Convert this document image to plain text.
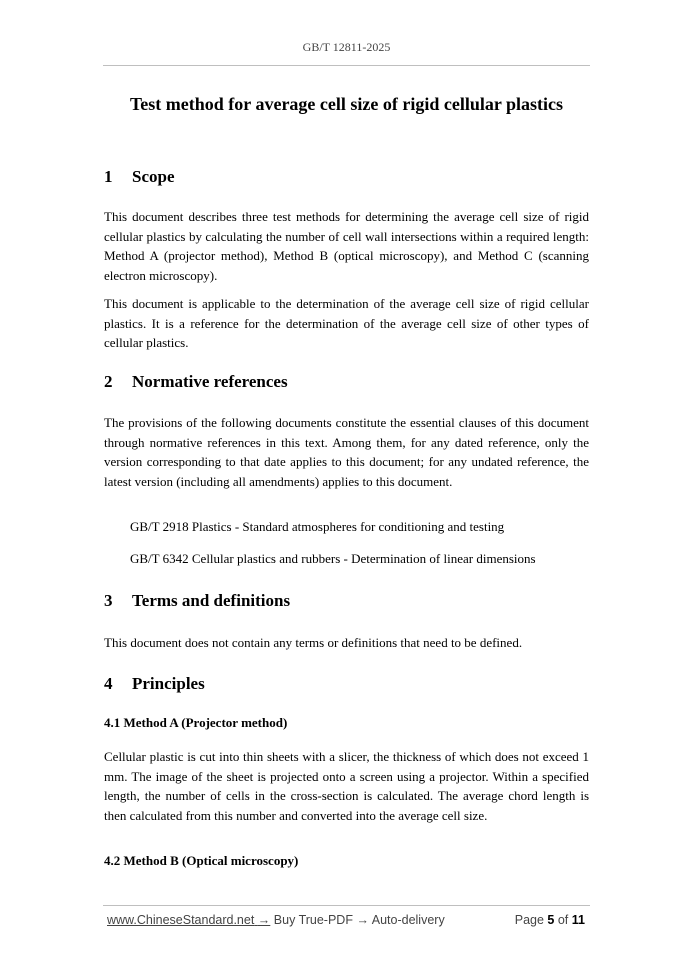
GB/T 12811-2025
Test method for average cell size of rigid cellular plastics
1 Scope

This document describes three test methods for determining the average cell size of rigid cellular plastics by calculating the number of cell wall intersections within a required length: Method A (projector method), Method B (optical microscopy), and Method C (scanning electron microscopy).

This document is applicable to the determination of the average cell size of rigid cellular plastics. It is a reference for the determination of the average cell size of other types of cellular plastics.

2 Normative references

The provisions of the following documents constitute the essential clauses of this document through normative references in this text. Among them, for any dated reference, only the version corresponding to that date applies to this document; for any undated reference, the latest version (including all amendments) applies to this document.

GB/T 2918 Plastics - Standard atmospheres for conditioning and testing

GB/T 6342 Cellular plastics and rubbers - Determination of linear dimensions

3 Terms and definitions

This document does not contain any terms or definitions that need to be defined.

4 Principles
4.1 Method A (Projector method)

Cellular plastic is cut into thin sheets with a slicer, the thickness of which does not exceed 1 mm. The image of the sheet is projected onto a screen using a projector. Within a specified length, the number of cells in the cross-section is calculated. The average chord length is then calculated from this number and converted into the average cell size.

4.2 Method B (Optical microscopy)
www.ChineseStandard.net → Buy True-PDF → Auto-delivery	Page 5 of 11
